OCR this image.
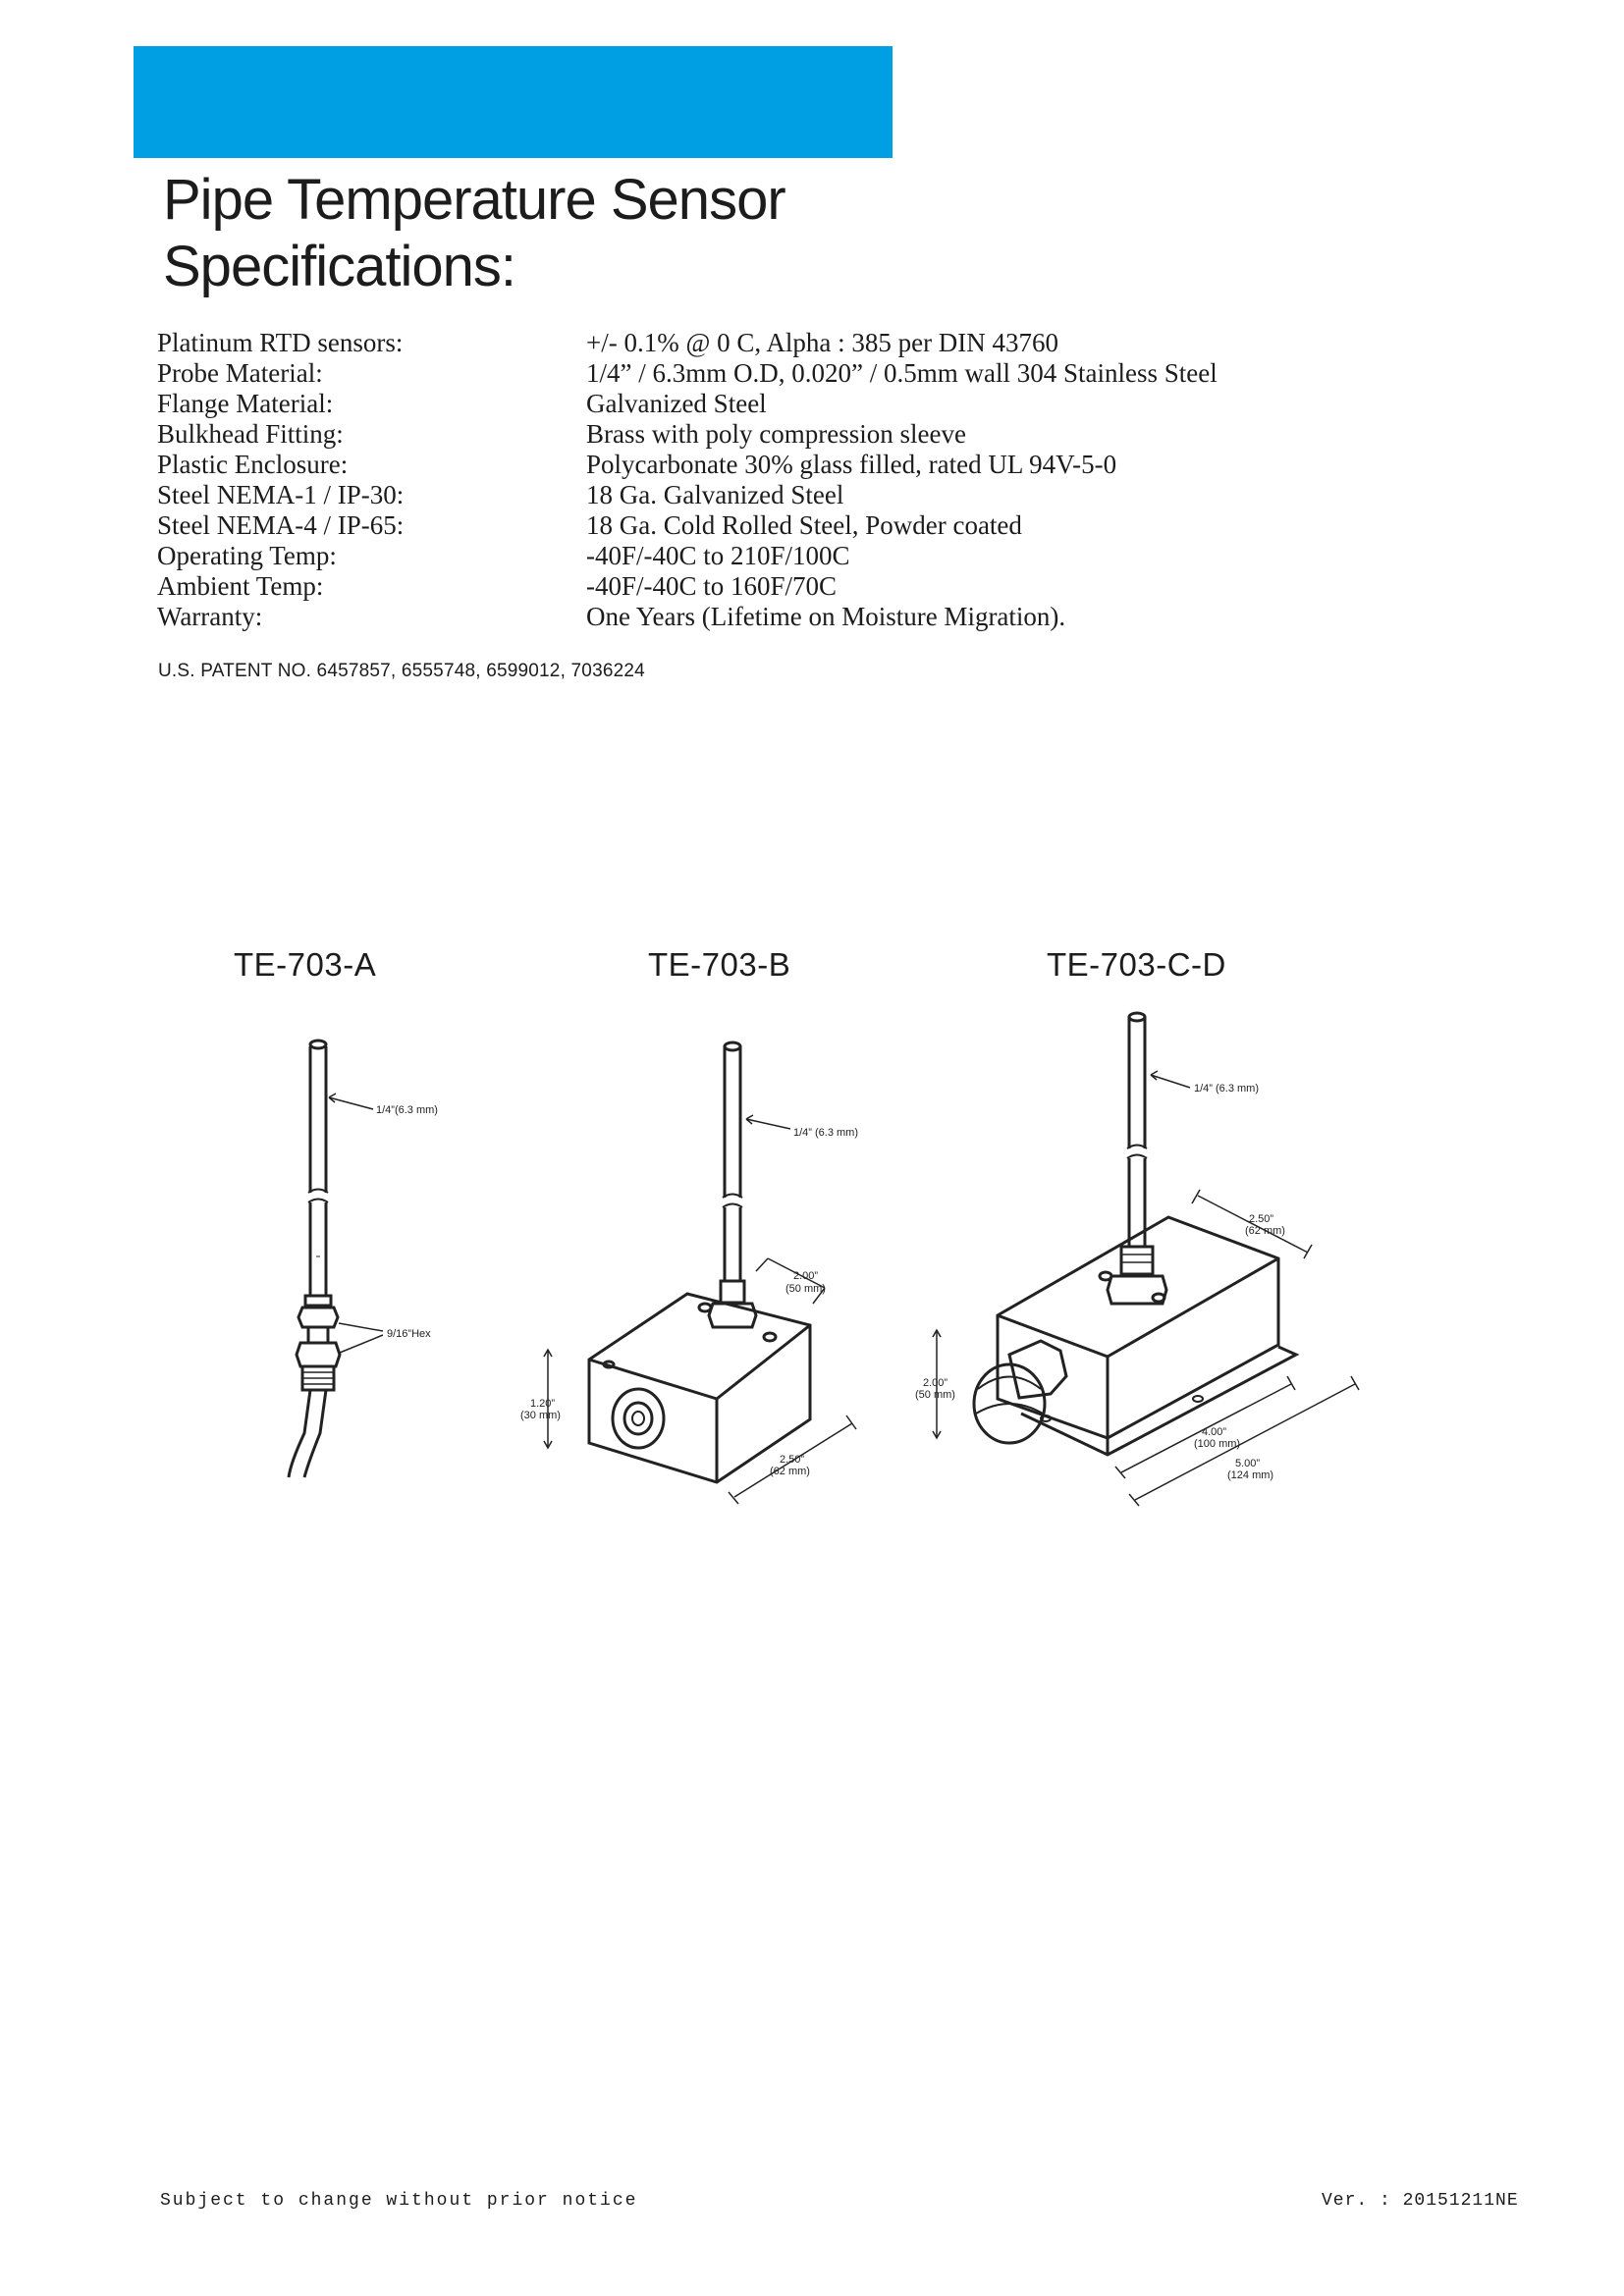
Pipe Temperature Sensor
Specifications:
Platinum RTD sensors:	+/- 0.1% @ 0 C, Alpha : 385 per DIN 43760
Probe Material:	1/4” / 6.3mm O.D, 0.020” / 0.5mm wall 304 Stainless Steel
Flange Material:	Galvanized Steel
Bulkhead Fitting:	Brass with poly compression sleeve
Plastic Enclosure:	Polycarbonate 30% glass filled, rated UL 94V-5-0
Steel NEMA-1 / IP-30:	18 Ga. Galvanized Steel
Steel NEMA-4 / IP-65:	18 Ga. Cold Rolled Steel, Powder coated
Operating Temp:	-40F/-40C to 210F/100C
Ambient Temp:	-40F/-40C to 160F/70C
Warranty:	One Years (Lifetime on Moisture Migration).
U.S. PATENT NO. 6457857, 6555748, 6599012, 7036224
TE-703-A	TE-703-B	TE-703-C-D
1/4”(6.3 mm)
9/16”Hex
1/4” (6.3 mm)
2.00”
(50 mm)
1.20”
(30 mm)
2.50”
(62 mm)
1/4” (6.3 mm)
2.50”
(62 mm)
2.00”
(50 mm)
4.00”
(100 mm)
5.00”
(124 mm)
Subject to change without prior notice	Ver. : 20151211NE
